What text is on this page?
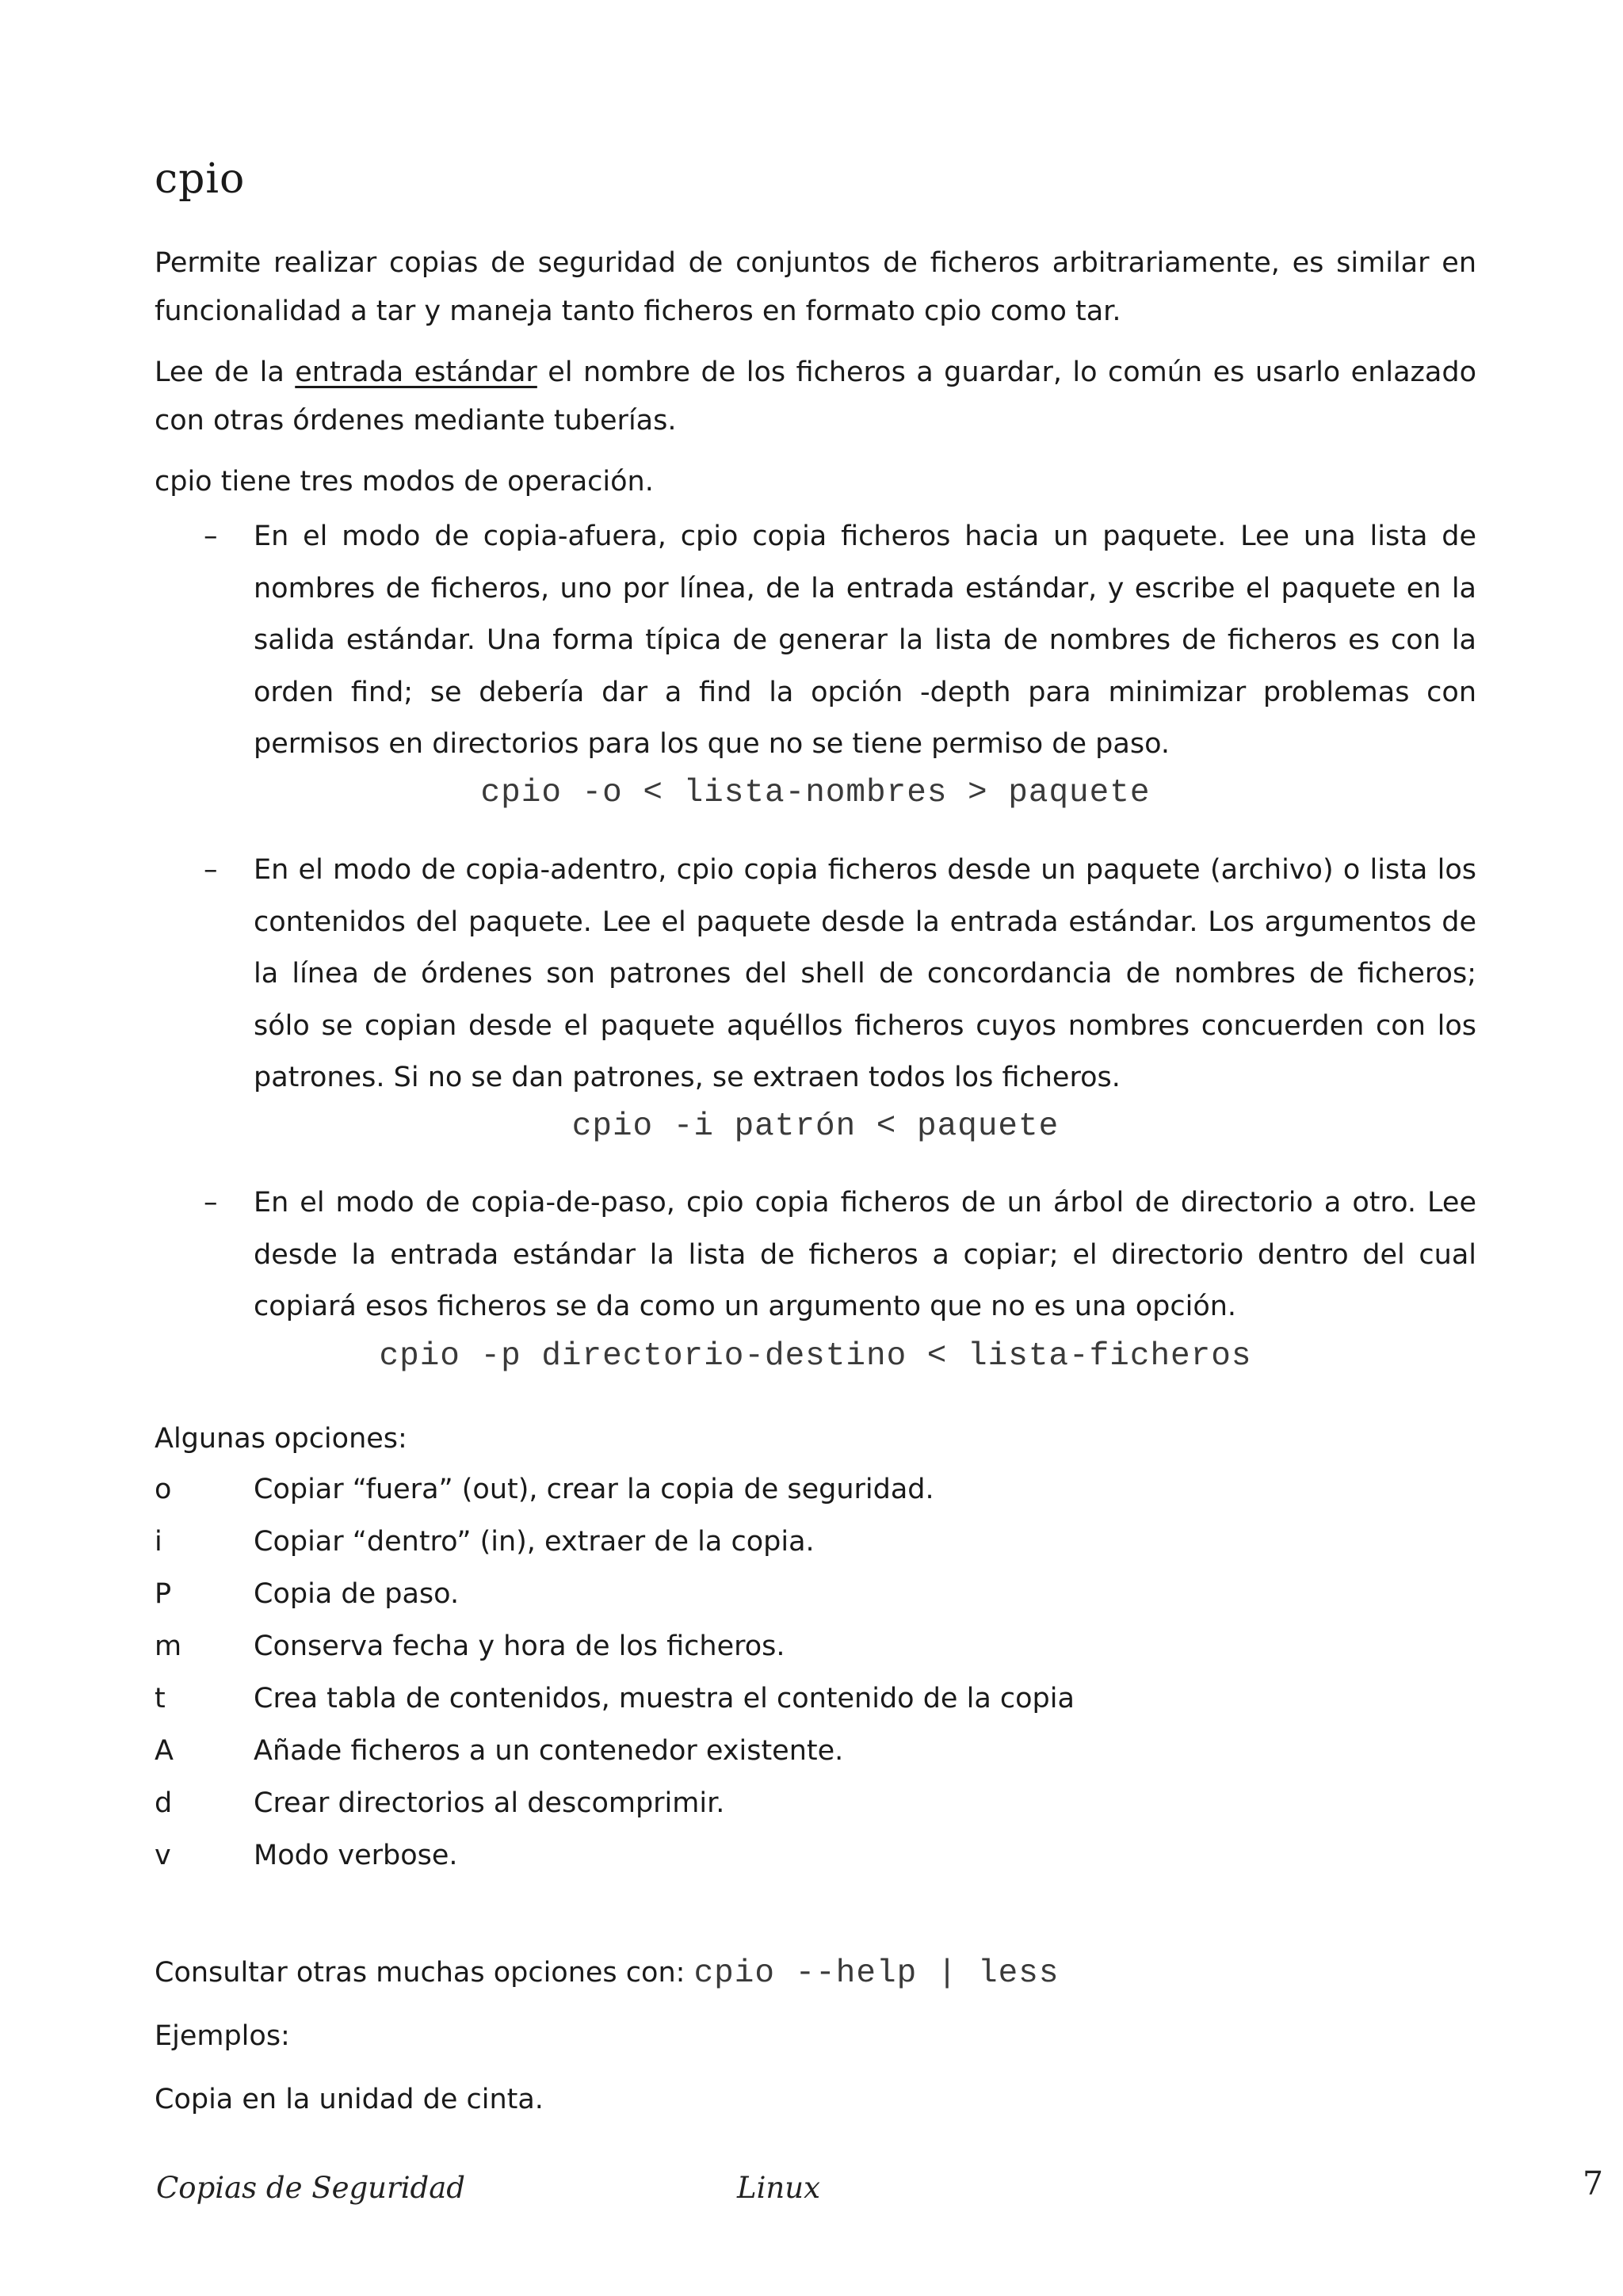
cpio

Permite realizar copias de seguridad de conjuntos de ficheros arbitrariamente, es similar en funcionalidad a tar y maneja tanto ficheros en formato cpio como tar.

Lee de la entrada estándar el nombre de los ficheros a guardar, lo común es usarlo enlazado con otras órdenes mediante tuberías.

cpio tiene tres modos de operación.

–	En el modo de copia-afuera, cpio copia ficheros hacia un paquete. Lee una lista de nombres de ficheros, uno por línea, de la entrada estándar, y escribe el paquete en la salida estándar. Una forma típica de generar la lista de nombres de ficheros es con la orden find; se debería dar a find la opción -depth para minimizar problemas con permisos en directorios para los que no se tiene permiso de paso.

cpio -o < lista-nombres > paquete
–	En el modo de copia-adentro, cpio copia ficheros desde un paquete (archivo) o lista los contenidos del paquete. Lee el paquete desde la entrada estándar. Los argumentos de la línea de órdenes son patrones del shell de concordancia de nombres de ficheros; sólo se copian desde el paquete aquéllos ficheros cuyos nombres concuerden con los patrones. Si no se dan patrones, se extraen todos los ficheros.

cpio -i patrón < paquete
–	En el modo de copia-de-paso, cpio copia ficheros de un árbol de directorio a otro. Lee desde la entrada estándar la lista de ficheros a copiar; el directorio dentro del cual copiará esos ficheros se da como un argumento que no es una opción.

cpio -p directorio-destino < lista-ficheros
Algunas opciones:
o	Copiar “fuera” (out), crear la copia de seguridad.
i	Copiar “dentro” (in), extraer de la copia.
P	Copia de paso.
m	Conserva fecha y hora de los ficheros.
t	Crea tabla de contenidos, muestra el contenido de la copia
A	Añade ficheros a un contenedor existente.
d	Crear directorios al descomprimir.
v	Modo verbose.
Consultar otras muchas opciones con: cpio --help | less
Ejemplos:
Copia en la unidad de cinta.
Copias de Seguridad	Linux	7
